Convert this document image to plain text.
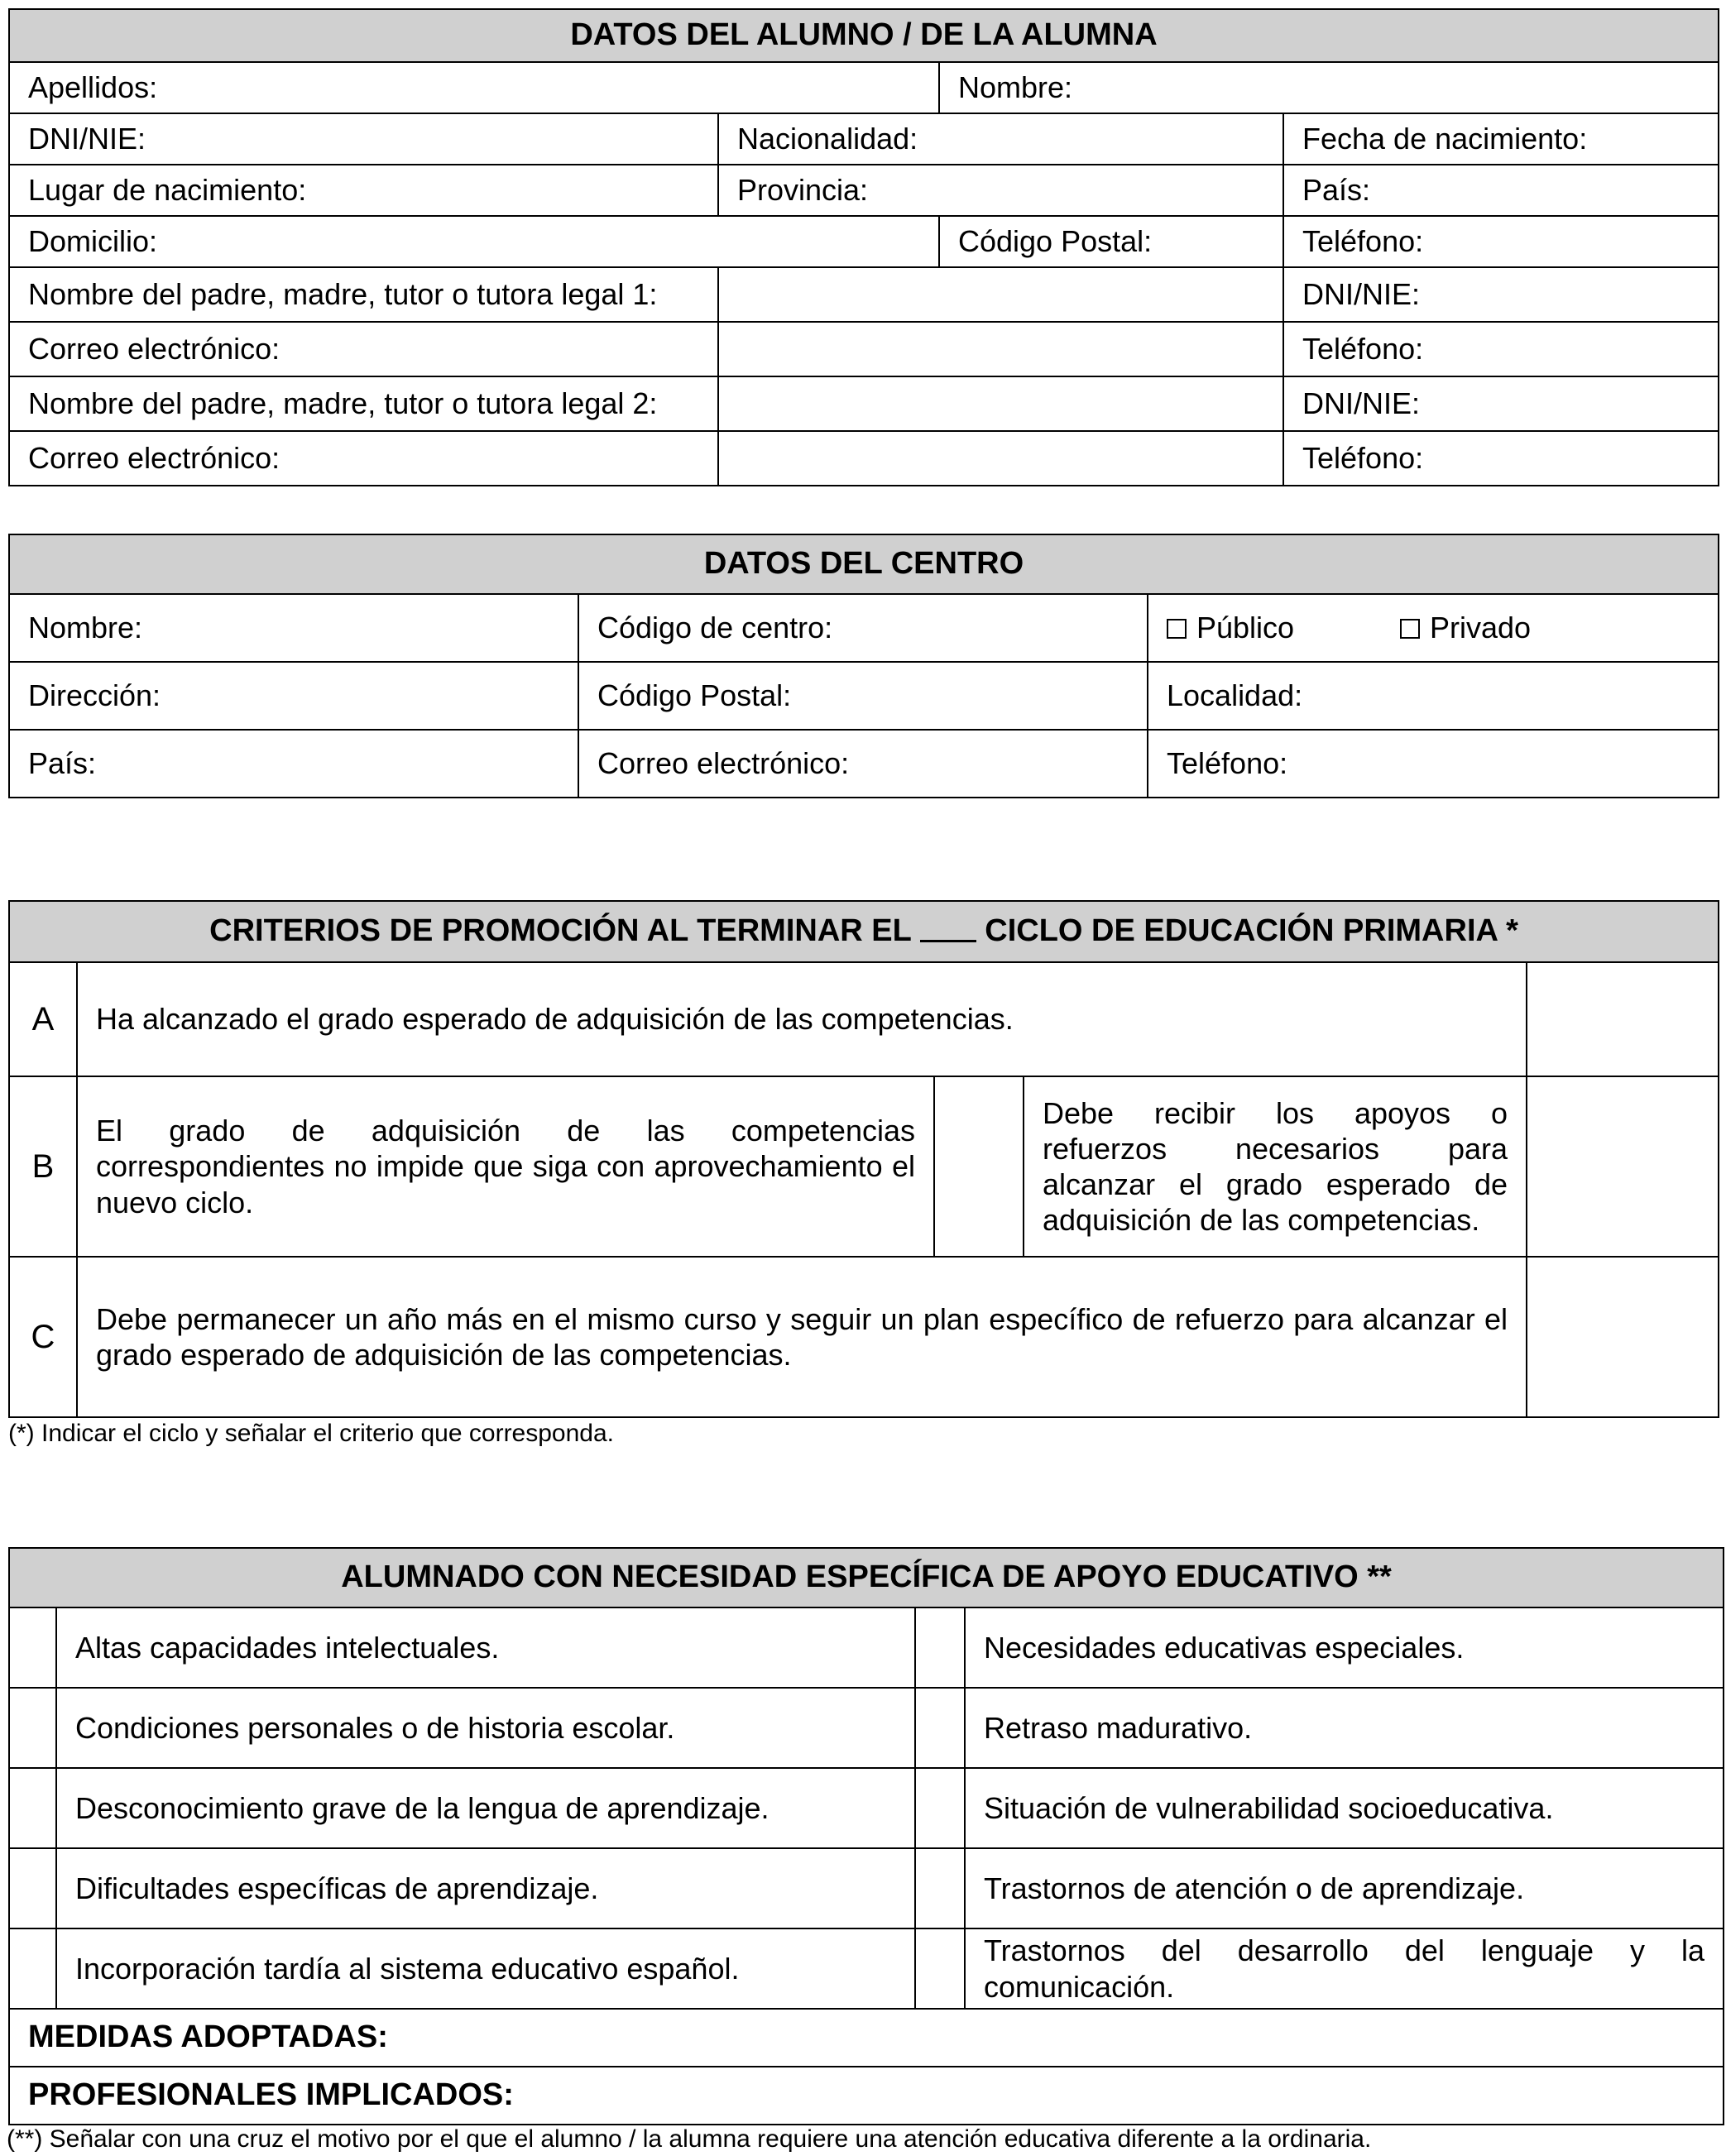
DATOS DEL ALUMNO / DE LA ALUMNA			
Apellidos:		Nombre:	
DNI/NIE:	Nacionalidad:		Fecha de nacimiento:
Lugar de nacimiento:	Provincia:		País:
Domicilio:		Código Postal:	Teléfono:
Nombre del padre, madre, tutor o tutora legal 1:			DNI/NIE:
Correo electrónico:			Teléfono:
Nombre del padre, madre, tutor o tutora legal 2:			DNI/NIE:
Correo electrónico:			Teléfono:
DATOS DEL CENTRO		
Nombre:	Código de centro:	Público Privado
Dirección:	Código Postal:	Localidad:
País:	Correo electrónico:	Teléfono:
CRITERIOS DE PROMOCIÓN AL TERMINAR EL CICLO DE EDUCACIÓN PRIMARIA *				
A	Ha alcanzado el grado esperado de adquisición de las competencias.			
B	El grado de adquisición de las competencias correspondientes no impide que siga con aprovechamiento el nuevo ciclo.		Debe recibir los apoyos o refuerzos necesarios para alcanzar el grado esperado de adquisición de las competencias.	
C	Debe permanecer un año más en el mismo curso y seguir un plan específico de refuerzo para alcanzar el grado esperado de adquisición de las competencias.			
(*) Indicar el ciclo y señalar el criterio que corresponda.
ALUMNADO CON NECESIDAD ESPECÍFICA DE APOYO EDUCATIVO **			
	Altas capacidades intelectuales.		Necesidades educativas especiales.
	Condiciones personales o de historia escolar.		Retraso madurativo.
	Desconocimiento grave de la lengua de aprendizaje.		Situación de vulnerabilidad socioeducativa.
	Dificultades específicas de aprendizaje.		Trastornos de atención o de aprendizaje.
	Incorporación tardía al sistema educativo español.		Trastornos del desarrollo del lenguaje y la comunicación.
MEDIDAS ADOPTADAS:			
PROFESIONALES IMPLICADOS:			
(**) Señalar con una cruz el motivo por el que el alumno / la alumna requiere una atención educativa diferente a la ordinaria.
